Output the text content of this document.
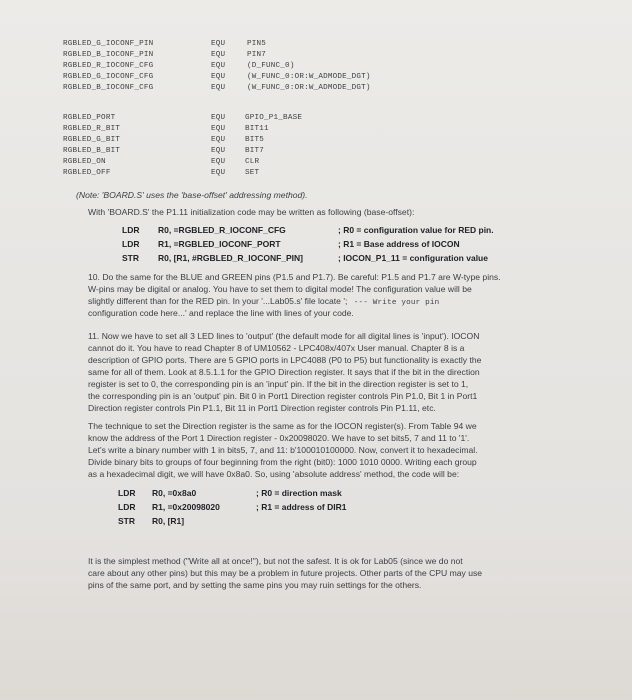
RGBLED_G_IOCONF_PIN	EQU	PIN5
RGBLED_B_IOCONF_PIN	EQU	PIN7
RGBLED_R_IOCONF_CFG	EQU	(D_FUNC_0)
RGBLED_G_IOCONF_CFG	EQU	(W_FUNC_0:OR:W_ADMODE_DGT)
RGBLED_B_IOCONF_CFG	EQU	(W_FUNC_0:OR:W_ADMODE_DGT)
RGBLED_PORT	EQU	GPIO_P1_BASE
RGBLED_R_BIT	EQU	BIT11
RGBLED_G_BIT	EQU	BIT5
RGBLED_B_BIT	EQU	BIT7
RGBLED_ON	EQU	CLR
RGBLED_OFF	EQU	SET
(Note: 'BOARD.S' uses the 'base-offset' addressing method).
With 'BOARD.S' the P1.11 initialization code may be written as following (base-offset):
LDR R0, =RGBLED_R_IOCONF_CFG	; R0 = configuration value for RED pin.
LDR R1, =RGBLED_IOCONF_PORT	; R1 = Base address of IOCON
STR R0, [R1, #RGBLED_R_IOCONF_PIN]	; IOCON_P1_11 = configuration value
10. Do the same for the BLUE and GREEN pins (P1.5 and P1.7). Be careful: P1.5 and P1.7 are W-type pins.
W-pins may be digital or analog. You have to set them to digital mode! The configuration value will be
slightly different than for the RED pin. In your '...Lab05.s' file locate '; --- Write your pin
configuration code here...' and replace the line with lines of your code.
11. Now we have to set all 3 LED lines to 'output' (the default mode for all digital lines is 'input'). IOCON
cannot do it. You have to read Chapter 8 of UM10562 - LPC408x/407x User manual. Chapter 8 is a
description of GPIO ports. There are 5 GPIO ports in LPC4088 (P0 to P5) but functionality is exactly the
same for all of them. Look at 8.5.1.1 for the GPIO Direction register. It says that if the bit in the direction
register is set to 0, the corresponding pin is an 'input' pin. If the bit in the direction register is set to 1,
the corresponding pin is an 'output' pin. Bit 0 in Port1 Direction register controls Pin P1.0, Bit 1 in Port1
Direction register controls Pin P1.1, Bit 11 in Port1 Direction register controls Pin P1.11, etc.
The technique to set the Direction register is the same as for the IOCON register(s). From Table 94 we
know the address of the Port 1 Direction register - 0x20098020. We have to set bits5, 7 and 11 to '1'.
Let's write a binary number with 1 in bits5, 7, and 11: b'100010100000. Now, convert it to hexadecimal.
Divide binary bits to groups of four beginning from the right (bit0): 1000 1010 0000. Writing each group
as a hexadecimal digit, we will have 0x8a0. So, using 'absolute address' method, the code will be:
LDR R0, =0x8a0	; R0 = direction mask
LDR R1, =0x20098020	; R1 = address of DIR1
STR R0, [R1]
It is the simplest method ("Write all at once!"), but not the safest. It is ok for Lab05 (since we do not
care about any other pins) but this may be a problem in future projects. Other parts of the CPU may use
pins of the same port, and by setting the same pins you may ruin settings for the others.
